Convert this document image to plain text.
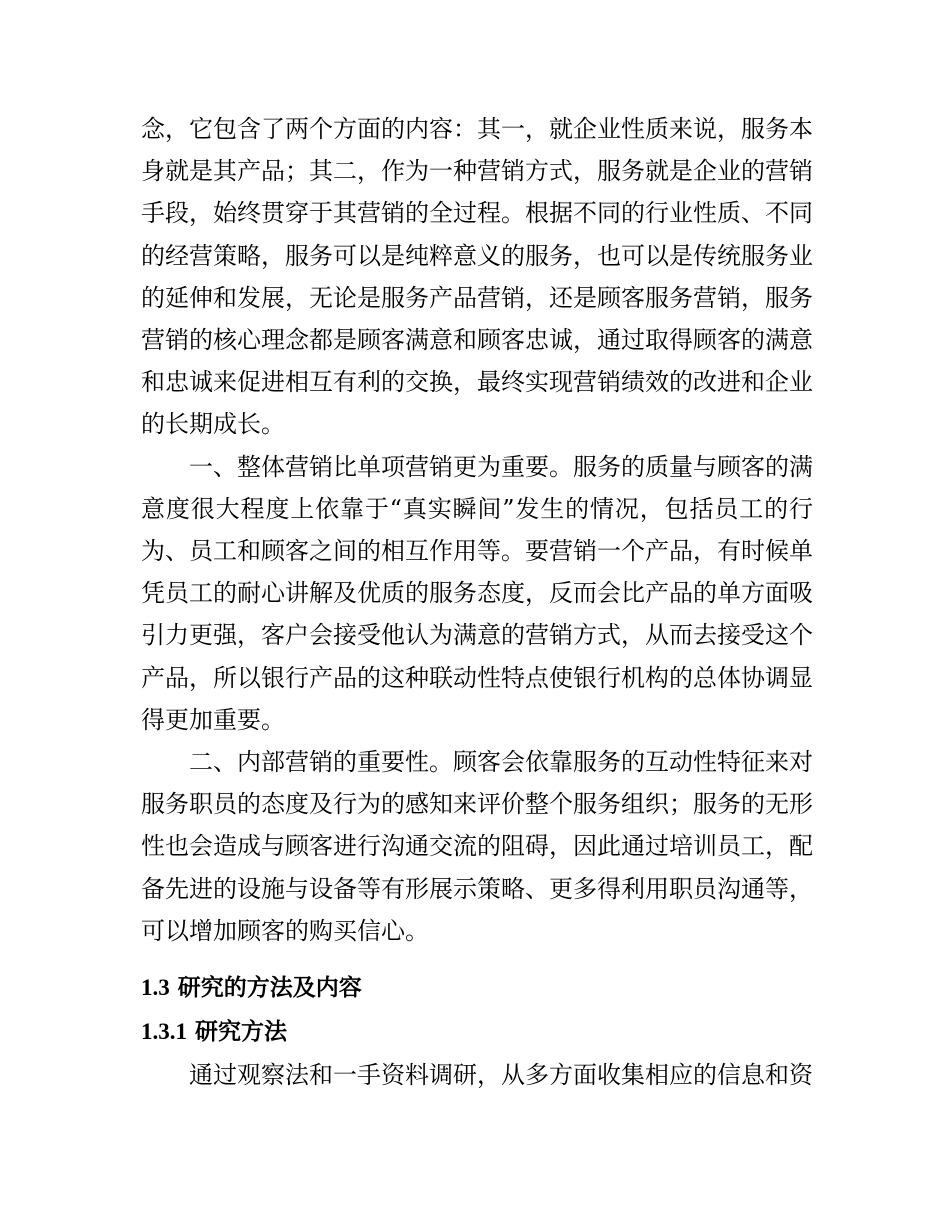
念，它包含了两个方面的内容：其一，就企业性质来说，服务本身就是其产品；其二，作为一种营销方式，服务就是企业的营销手段，始终贯穿于其营销的全过程。根据不同的行业性质、不同的经营策略，服务可以是纯粹意义的服务，也可以是传统服务业的延伸和发展，无论是服务产品营销，还是顾客服务营销，服务营销的核心理念都是顾客满意和顾客忠诚，通过取得顾客的满意和忠诚来促进相互有利的交换，最终实现营销绩效的改进和企业的长期成长。

一、整体营销比单项营销更为重要。服务的质量与顾客的满意度很大程度上依靠于“真实瞬间”发生的情况，包括员工的行为、员工和顾客之间的相互作用等。要营销一个产品，有时候单凭员工的耐心讲解及优质的服务态度，反而会比产品的单方面吸引力更强，客户会接受他认为满意的营销方式，从而去接受这个产品，所以银行产品的这种联动性特点使银行机构的总体协调显得更加重要。

二、内部营销的重要性。顾客会依靠服务的互动性特征来对服务职员的态度及行为的感知来评价整个服务组织；服务的无形性也会造成与顾客进行沟通交流的阻碍，因此通过培训员工，配备先进的设施与设备等有形展示策略、更多得利用职员沟通等，可以增加顾客的购买信心。

1.3 研究的方法及内容
1.3.1 研究方法

通过观察法和一手资料调研，从多方面收集相应的信息和资
